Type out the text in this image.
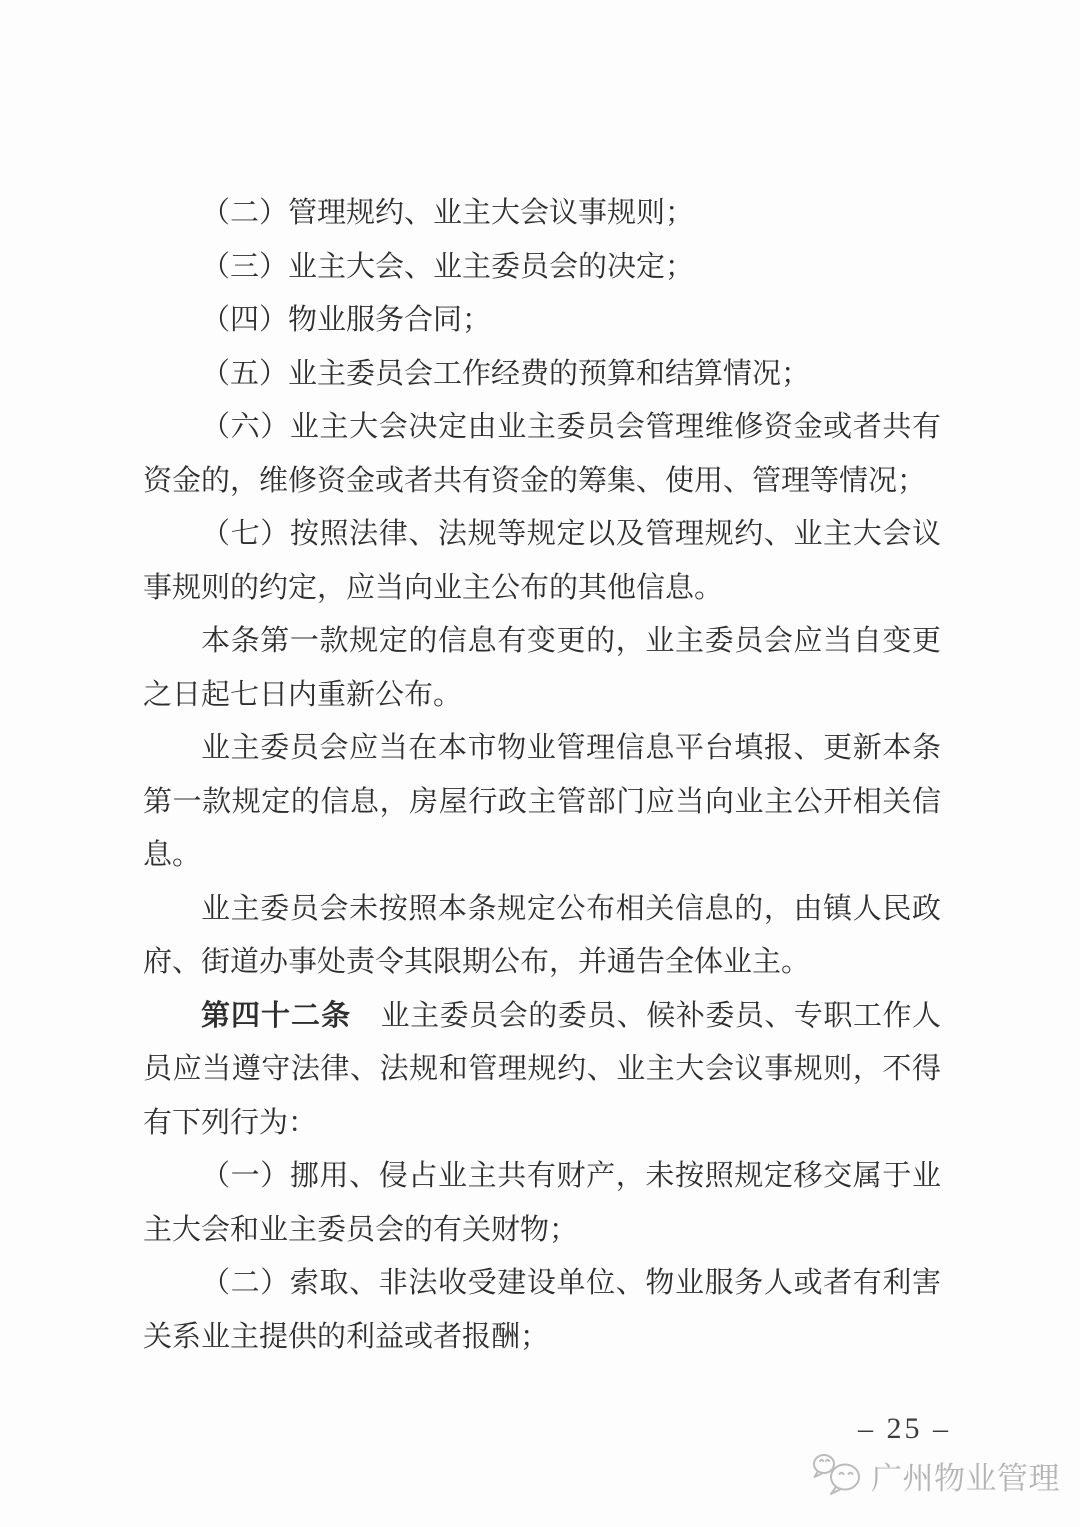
（二）管理规约、业主大会议事规则；

（三）业主大会、业主委员会的决定；

（四）物业服务合同；

（五）业主委员会工作经费的预算和结算情况；

（六）业主大会决定由业主委员会管理维修资金或者共有资金的，维修资金或者共有资金的筹集、使用、管理等情况；

（七）按照法律、法规等规定以及管理规约、业主大会议事规则的约定，应当向业主公布的其他信息。

本条第一款规定的信息有变更的，业主委员会应当自变更之日起七日内重新公布。

业主委员会应当在本市物业管理信息平台填报、更新本条第一款规定的信息，房屋行政主管部门应当向业主公开相关信息。

业主委员会未按照本条规定公布相关信息的，由镇人民政府、街道办事处责令其限期公布，并通告全体业主。

第四十二条　业主委员会的委员、候补委员、专职工作人员应当遵守法律、法规和管理规约、业主大会议事规则，不得有下列行为：

（一）挪用、侵占业主共有财产，未按照规定移交属于业主大会和业主委员会的有关财物；

（二）索取、非法收受建设单位、物业服务人或者有利害关系业主提供的利益或者报酬；

– 25 –
广州物业管理
